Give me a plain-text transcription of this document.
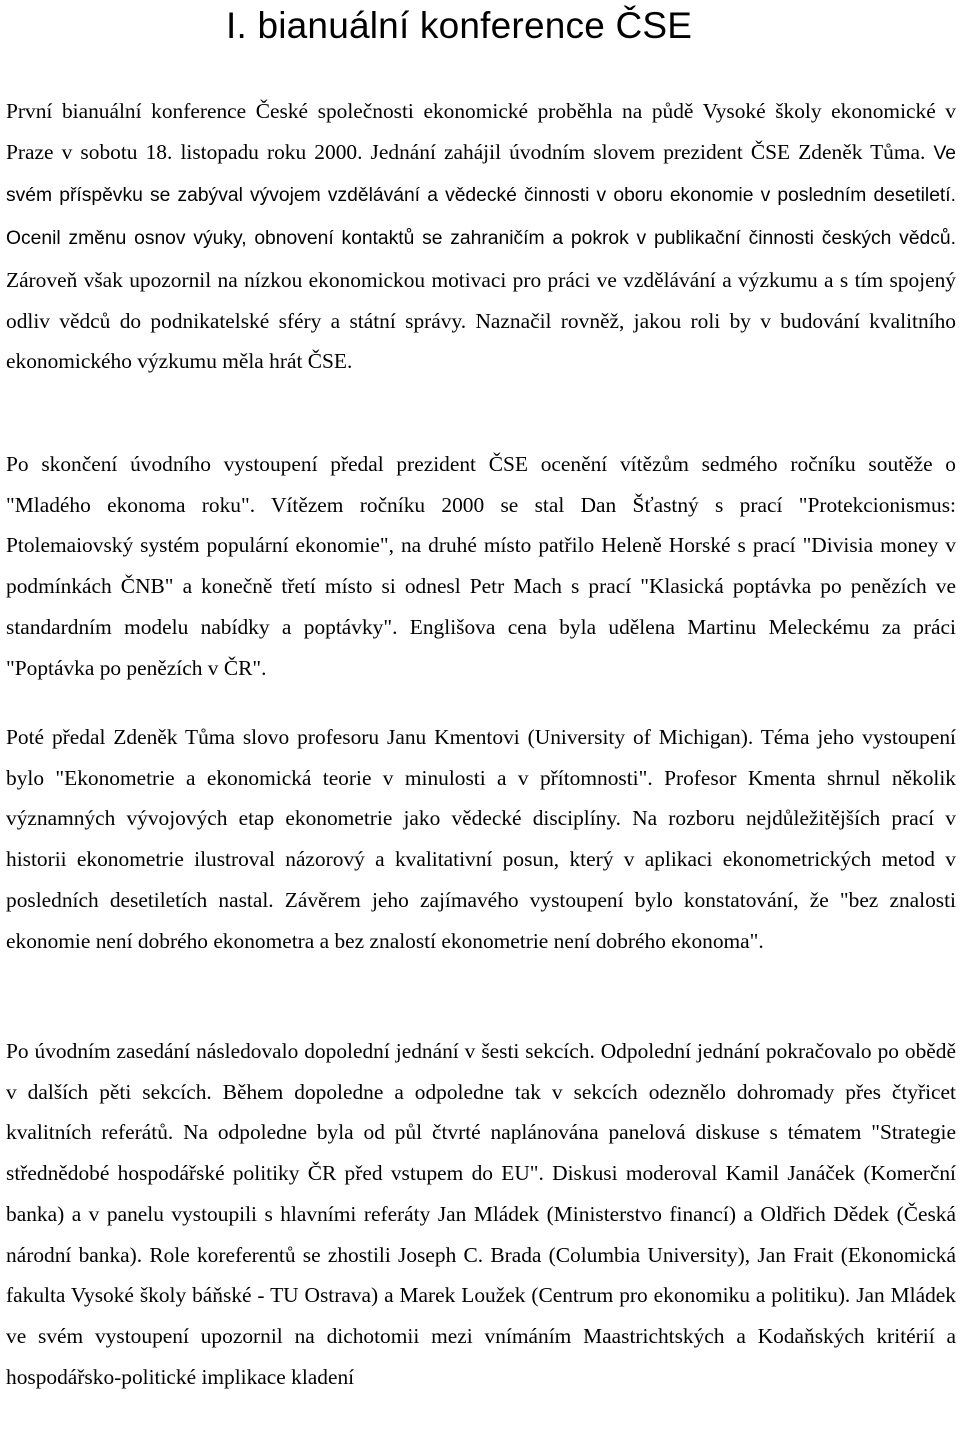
I. bianuální konference ČSE

První bianuální konference České společnosti ekonomické proběhla na půdě Vysoké školy ekonomické v Praze v sobotu 18. listopadu roku 2000. Jednání zahájil úvodním slovem prezident ČSE Zdeněk Tůma. Ve svém příspěvku se zabýval vývojem vzdělávání a vědecké činnosti v oboru ekonomie v posledním desetiletí. Ocenil změnu osnov výuky, obnovení kontaktů se zahraničím a pokrok v publikační činnosti českých vědců. Zároveň však upozornil na nízkou ekonomickou motivaci pro práci ve vzdělávání a výzkumu a s tím spojený odliv vědců do podnikatelské sféry a státní správy. Naznačil rovněž, jakou roli by v budování kvalitního ekonomického výzkumu měla hrát ČSE.

Po skončení úvodního vystoupení předal prezident ČSE ocenění vítězům sedmého ročníku soutěže o "Mladého ekonoma roku". Vítězem ročníku 2000 se stal Dan Šťastný s prací "Protekcionismus: Ptolemaiovský systém populární ekonomie", na druhé místo patřilo Heleně Horské s prací "Divisia money v podmínkách ČNB" a konečně třetí místo si odnesl Petr Mach s prací "Klasická poptávka po penězích ve standardním modelu nabídky a poptávky". Englišova cena byla udělena Martinu Meleckému za práci "Poptávka po penězích v ČR".

Poté předal Zdeněk Tůma slovo profesoru Janu Kmentovi (University of Michigan). Téma jeho vystoupení bylo "Ekonometrie a ekonomická teorie v minulosti a v přítomnosti". Profesor Kmenta shrnul několik významných vývojových etap ekonometrie jako vědecké disciplíny. Na rozboru nejdůležitějších prací v historii ekonometrie ilustroval názorový a kvalitativní posun, který v aplikaci ekonometrických metod v posledních desetiletích nastal. Závěrem jeho zajímavého vystoupení bylo konstatování, že "bez znalosti ekonomie není dobrého ekonometra a bez znalostí ekonometrie není dobrého ekonoma".

Po úvodním zasedání následovalo dopolední jednání v šesti sekcích. Odpolední jednání pokračovalo po obědě v dalších pěti sekcích. Během dopoledne a odpoledne tak v sekcích odeznělo dohromady přes čtyřicet kvalitních referátů. Na odpoledne byla od půl čtvrté naplánována panelová diskuse s tématem "Strategie střednědobé hospodářské politiky ČR před vstupem do EU". Diskusi moderoval Kamil Janáček (Komerční banka) a v panelu vystoupili s hlavními referáty Jan Mládek (Ministerstvo financí) a Oldřich Dědek (Česká národní banka). Role koreferentů se zhostili Joseph C. Brada (Columbia University), Jan Frait (Ekonomická fakulta Vysoké školy báňské - TU Ostrava) a Marek Loužek (Centrum pro ekonomiku a politiku). Jan Mládek ve svém vystoupení upozornil na dichotomii mezi vnímáním Maastrichtských a Kodaňských kritérií a hospodářsko-politické implikace kladení
